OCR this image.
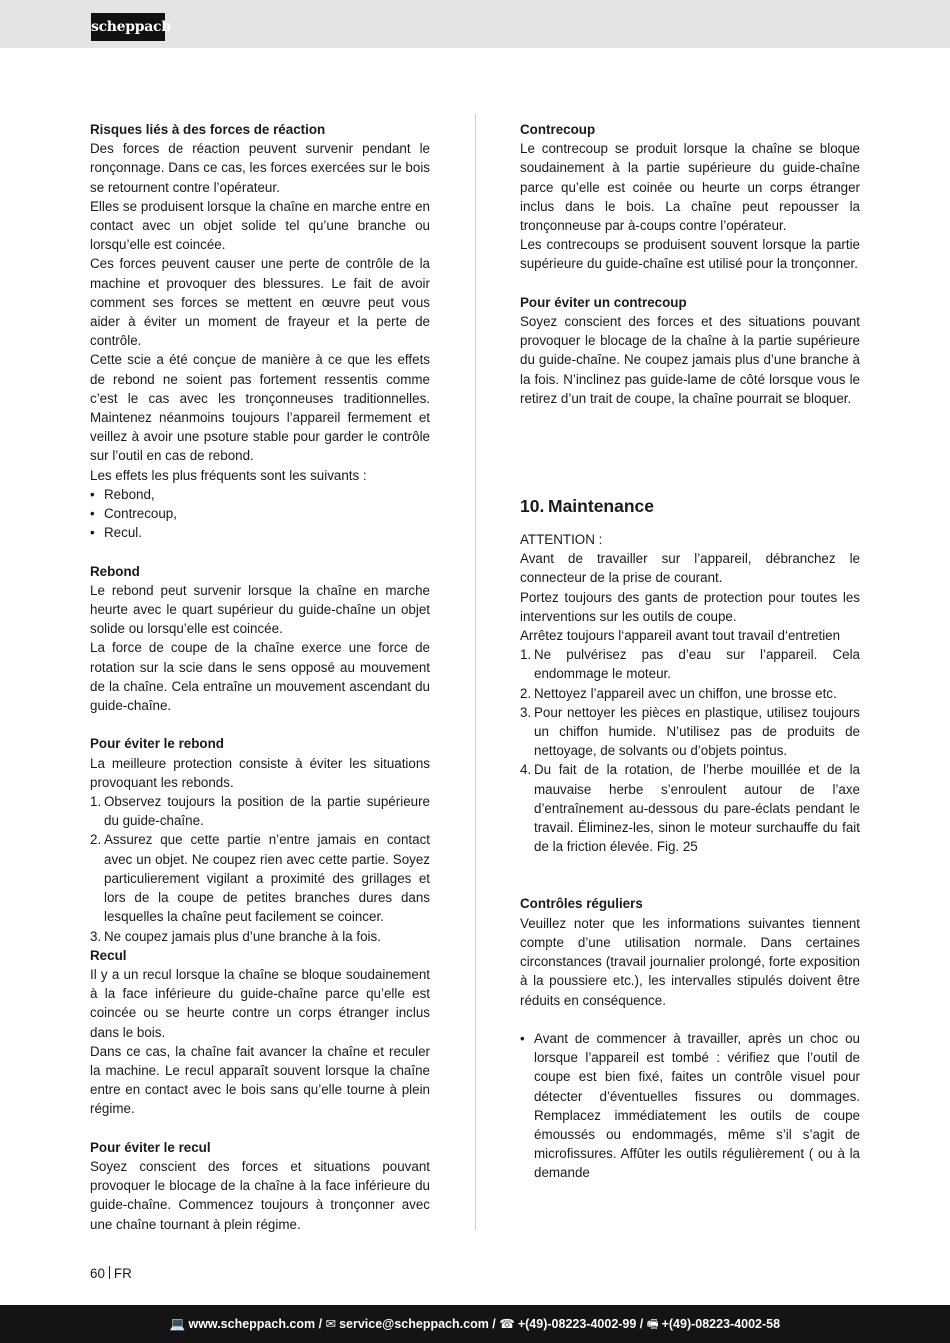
scheppach
Risques liés à des forces de réaction
Des forces de réaction peuvent survenir pendant le ronçonnage. Dans ce cas, les forces exercées sur le bois se retournent contre l’opérateur.
Elles se produisent lorsque la chaîne en marche entre en contact avec un objet solide tel qu’une branche ou lorsqu’elle est coincée.
Ces forces peuvent causer une perte de contrôle de la machine et provoquer des blessures. Le fait de avoir comment ses forces se mettent en œuvre peut vous aider à éviter un moment de frayeur et la perte de contrôle.
Cette scie a été conçue de manière à ce que les effets de rebond ne soient pas fortement ressentis comme c’est le cas avec les tronçonneuses traditionnelles. Maintenez néanmoins toujours l’appareil fermement et veillez à avoir une psoture stable pour garder le contrôle sur l’outil en cas de rebond.
Les effets les plus fréquents sont les suivants :
• Rebond,
• Contrecoup,
• Recul.
Rebond
Le rebond peut survenir lorsque la chaîne en marche heurte avec le quart supérieur du guide-chaîne un objet solide ou lorsqu’elle est coincée.
La force de coupe de la chaîne exerce une force de rotation sur la scie dans le sens opposé au mouvement de la chaîne. Cela entraîne un mouvement ascendant du guide-chaîne.
Pour éviter le rebond
La meilleure protection consiste à éviter les situations provoquant les rebonds.
1. Observez toujours la position de la partie supérieure du guide-chaîne.
2. Assurez que cette partie n’entre jamais en contact avec un objet. Ne coupez rien avec cette partie. Soyez particulierement vigilant a proximité des grillages et lors de la coupe de petites branches dures dans lesquelles la chaîne peut facilement se coincer.
3. Ne coupez jamais plus d’une branche à la fois.
Recul
Il y a un recul lorsque la chaîne se bloque soudainement à la face inférieure du guide-chaîne parce qu’elle est coincée ou se heurte contre un corps étranger inclus dans le bois.
Dans ce cas, la chaîne fait avancer la chaîne et reculer la machine. Le recul apparaît souvent lorsque la chaîne entre en contact avec le bois sans qu’elle tourne à plein régime.
Pour éviter le recul
Soyez conscient des forces et situations pouvant provoquer le blocage de la chaîne à la face inférieure du guide-chaîne. Commencez toujours à tronçonner avec une chaîne tournant à plein régime.
Contrecoup
Le contrecoup se produit lorsque la chaîne se bloque soudainement à la partie supérieure du guide-chaîne parce qu’elle est coinée ou heurte un corps étranger inclus dans le bois. La chaîne peut repousser la tronçonneuse par à-coups contre l’opérateur.
Les contrecoups se produisent souvent lorsque la partie supérieure du guide-chaîne est utilisé pour la tronçonner.
Pour éviter un contrecoup
Soyez conscient des forces et des situations pouvant provoquer le blocage de la chaîne à la partie supérieure du guide-chaîne. Ne coupez jamais plus d’une branche à la fois. N’inclinez pas guide-lame de côté lorsque vous le retirez d’un trait de coupe, la chaîne pourrait se bloquer.
10. Maintenance
ATTENTION :
Avant de travailler sur l’appareil, débranchez le connecteur de la prise de courant.
Portez toujours des gants de protection pour toutes les interventions sur les outils de coupe.
Arrêtez toujours l‘appareil avant tout travail d‘entretien
1. Ne pulvérisez pas d’eau sur l’appareil. Cela endommage le moteur.
2. Nettoyez l’appareil avec un chiffon, une brosse etc.
3. Pour nettoyer les pièces en plastique, utilisez toujours un chiffon humide. N’utilisez pas de produits de nettoyage, de solvants ou d’objets pointus.
4. Du fait de la rotation, de l’herbe mouillée et de la mauvaise herbe s’enroulent autour de l’axe d’entraînement au-dessous du pare-éclats pendant le travail. Éliminez-les, sinon le moteur surchauffe du fait de la friction élevée. Fig. 25
Contrôles réguliers
Veuillez noter que les informations suivantes tiennent compte d’une utilisation normale. Dans certaines circonstances (travail journalier prolongé, forte exposition à la poussiere etc.), les intervalles stipulés doivent être réduits en conséquence.
• Avant de commencer à travailler, après un choc ou lorsque l’appareil est tombé : vérifiez que l’outil de coupe est bien fixé, faites un contrôle visuel pour détecter d’éventuelles fissures ou dommages. Remplacez immédiatement les outils de coupe émoussés ou endommagés, même s’il s’agit de microfissures. Affûter les outils régulièrement ( ou à la demande
60 FR
💻 www.scheppach.com / ✉ service@scheppach.com / ☎ +(49)-08223-4002-99 / 🖷 +(49)-08223-4002-58
